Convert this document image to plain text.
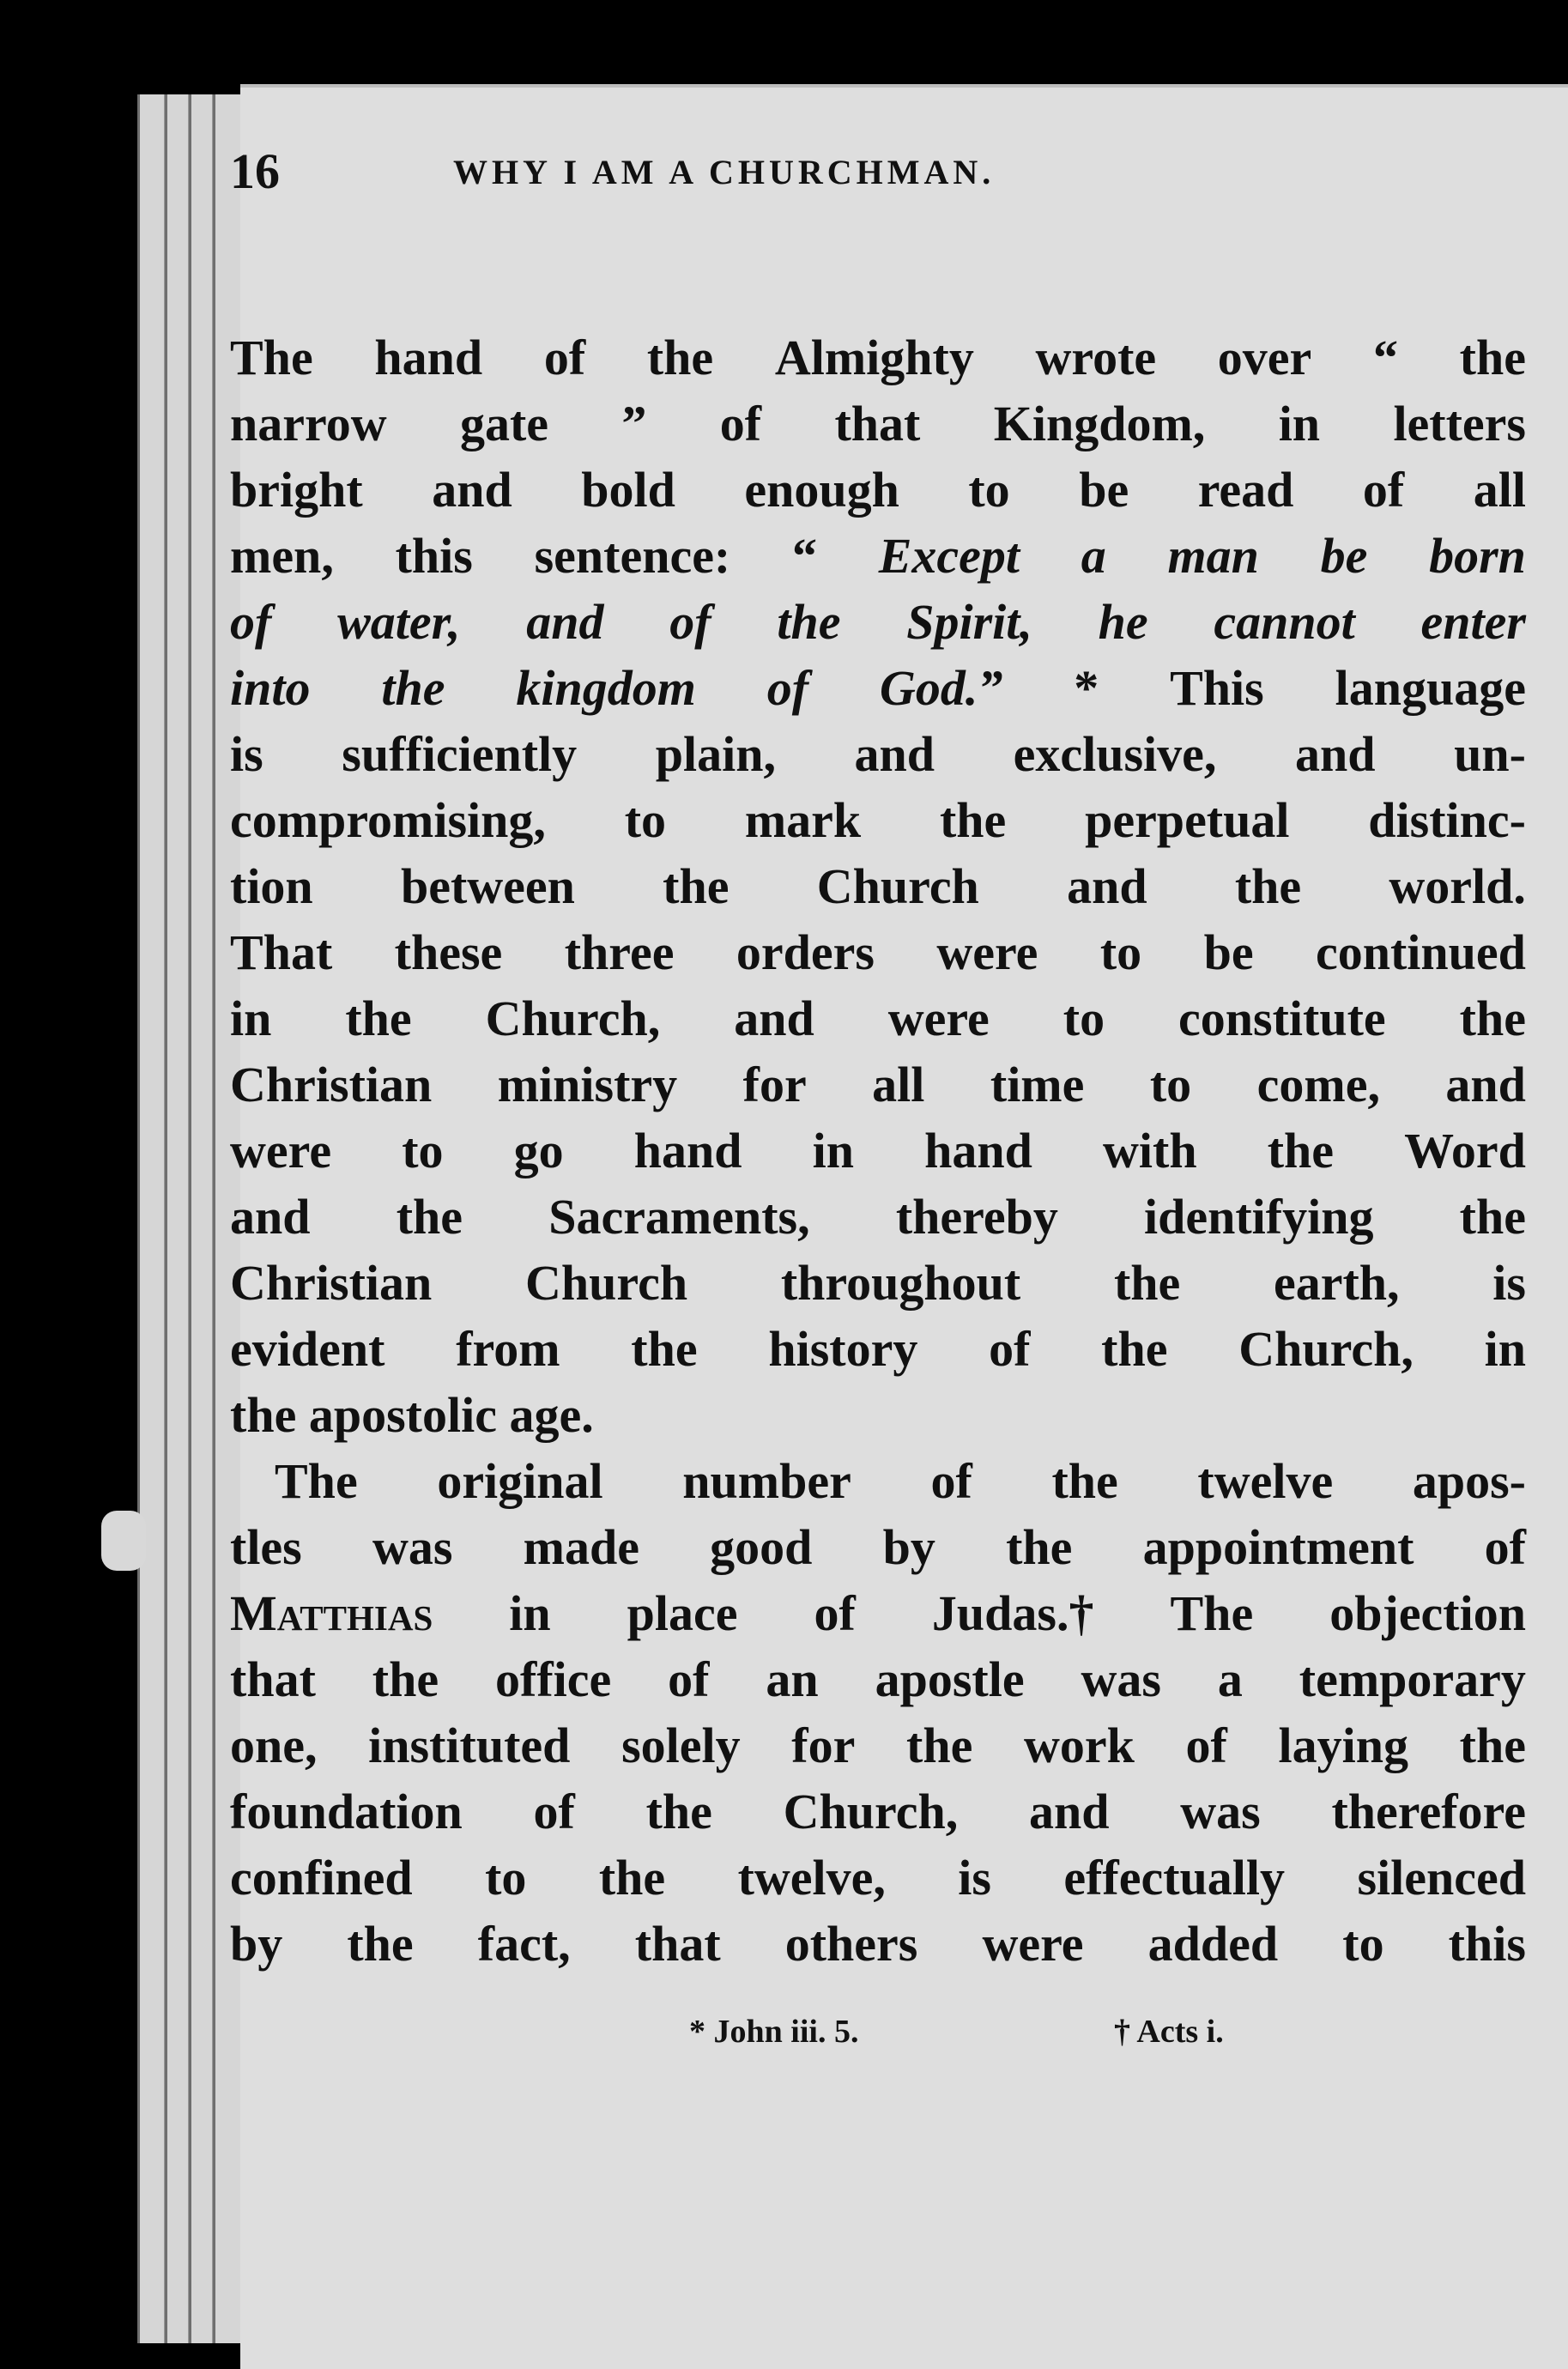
16	WHY I AM A CHURCHMAN.
The hand of the Almighty wrote over “ the
narrow gate ” of that Kingdom, in letters
bright and bold enough to be read of all
men, this sentence: “ Except a man be born
of water, and of the Spirit, he cannot enter
into the kingdom of God.” * This language
is sufficiently plain, and exclusive, and un-
compromising, to mark the perpetual distinc-
tion between the Church and the world.
That these three orders were to be continued
in the Church, and were to constitute the
Christian ministry for all time to come, and
were to go hand in hand with the Word
and the Sacraments, thereby identifying the
Christian Church throughout the earth, is
evident from the history of the Church, in
the
apostolic
age.
The original number of the twelve apos-
tles was made good by the appointment of
Matthias in place of Judas.† The objection
that the office of an apostle was a temporary
one, instituted solely for the work of laying the
foundation of the Church, and was therefore
confined to the twelve, is effectually silenced
by the fact, that others were added to this
* John iii. 5.	† Acts i.
